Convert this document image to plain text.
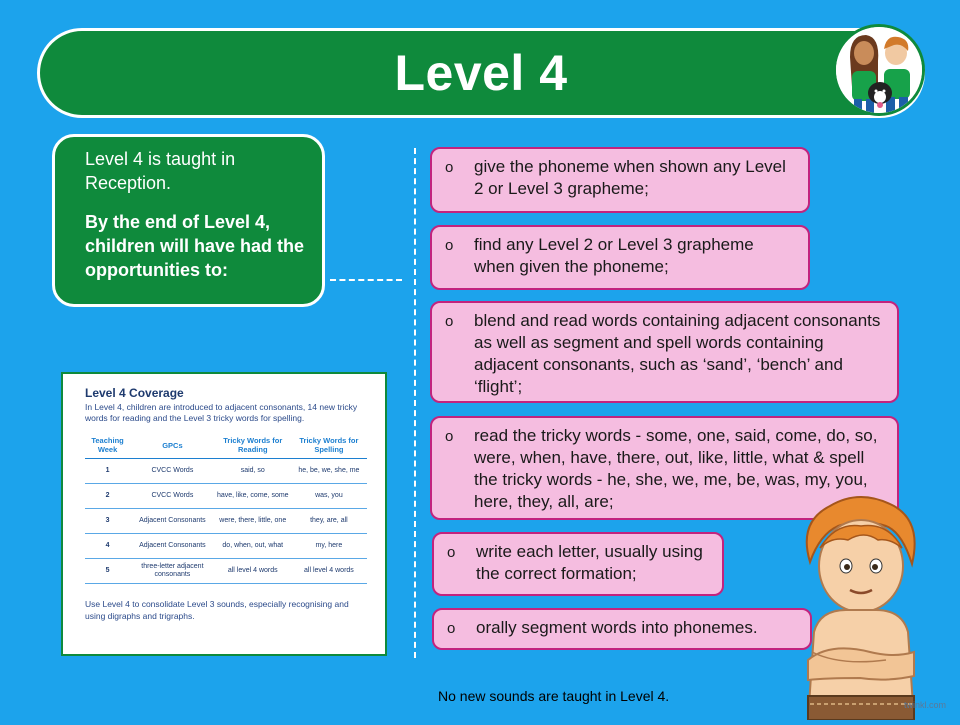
Level 4

Level 4 is taught in Reception.

By the end of Level 4, children will have had the opportunities to:

Level 4 Coverage

In Level 4, children are introduced to adjacent consonants, 14 new tricky words for reading and the Level 3 tricky words for spelling.

Teaching Week	GPCs	Tricky Words for Reading	Tricky Words for Spelling
1	CVCC Words	said, so	he, be, we, she, me
2	CVCC Words	have, like, come, some	was, you
3	Adjacent Consonants	were, there, little, one	they, are, all
4	Adjacent Consonants	do, when, out, what	my, here
5	three-letter adjacent consonants	all level 4 words	all level 4 words

Use Level 4 to consolidate Level 3 sounds, especially recognising and using digraphs and trigraphs.

o give the phoneme when shown any Level 2 or Level 3 grapheme;
o find any Level 2 or Level 3 grapheme when given the phoneme;
o blend and read words containing adjacent consonants as well as segment and spell words containing adjacent consonants, such as ‘sand’, ‘bench’ and ‘flight’;
o read the tricky words - some, one, said, come, do, so, were, when, have, there, out, like, little, what & spell the tricky words - he, she, we, me, be, was, my, you, here, they, all, are;
o write each letter, usually using the correct formation;
o orally segment words into phonemes.
No new sounds are taught in Level 4.
twinkl.com
